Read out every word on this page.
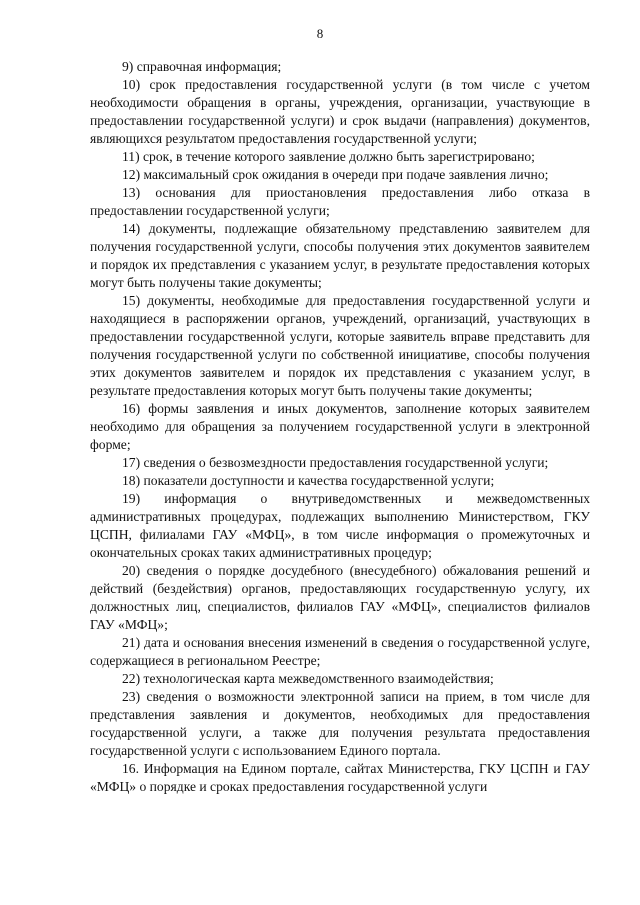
8

9) справочная информация;

10) срок предоставления государственной услуги (в том числе с учетом необходимости обращения в органы, учреждения, организации, участвующие в предоставлении государственной услуги) и срок выдачи (направления) документов, являющихся результатом предоставления государственной услуги;

11) срок, в течение которого заявление должно быть зарегистрировано;

12) максимальный срок ожидания в очереди при подаче заявления лично;

13) основания для приостановления предоставления либо отказа в предоставлении государственной услуги;

14) документы, подлежащие обязательному представлению заявителем для получения государственной услуги, способы получения этих документов заявителем и порядок их представления с указанием услуг, в результате предоставления которых могут быть получены такие документы;

15) документы, необходимые для предоставления государственной услуги и находящиеся в распоряжении органов, учреждений, организаций, участвующих в предоставлении государственной услуги, которые заявитель вправе представить для получения государственной услуги по собственной инициативе, способы получения этих документов заявителем и порядок их представления с указанием услуг, в результате предоставления которых могут быть получены такие документы;

16) формы заявления и иных документов, заполнение которых заявителем необходимо для обращения за получением государственной услуги в электронной форме;

17) сведения о безвозмездности предоставления государственной услуги;

18) показатели доступности и качества государственной услуги;

19) информация о внутриведомственных и межведомственных административных процедурах, подлежащих выполнению Министерством, ГКУ ЦСПН, филиалами ГАУ «МФЦ», в том числе информация о промежуточных и окончательных сроках таких административных процедур;

20) сведения о порядке досудебного (внесудебного) обжалования решений и действий (бездействия) органов, предоставляющих государственную услугу, их должностных лиц, специалистов, филиалов ГАУ «МФЦ», специалистов филиалов ГАУ «МФЦ»;

21) дата и основания внесения изменений в сведения о государственной услуге, содержащиеся в региональном Реестре;

22) технологическая карта межведомственного взаимодействия;

23) сведения о возможности электронной записи на прием, в том числе для представления заявления и документов, необходимых для предоставления государственной услуги, а также для получения результата предоставления государственной услуги с использованием Единого портала.

16. Информация на Едином портале, сайтах Министерства, ГКУ ЦСПН и ГАУ «МФЦ» о порядке и сроках предоставления государственной услуги
